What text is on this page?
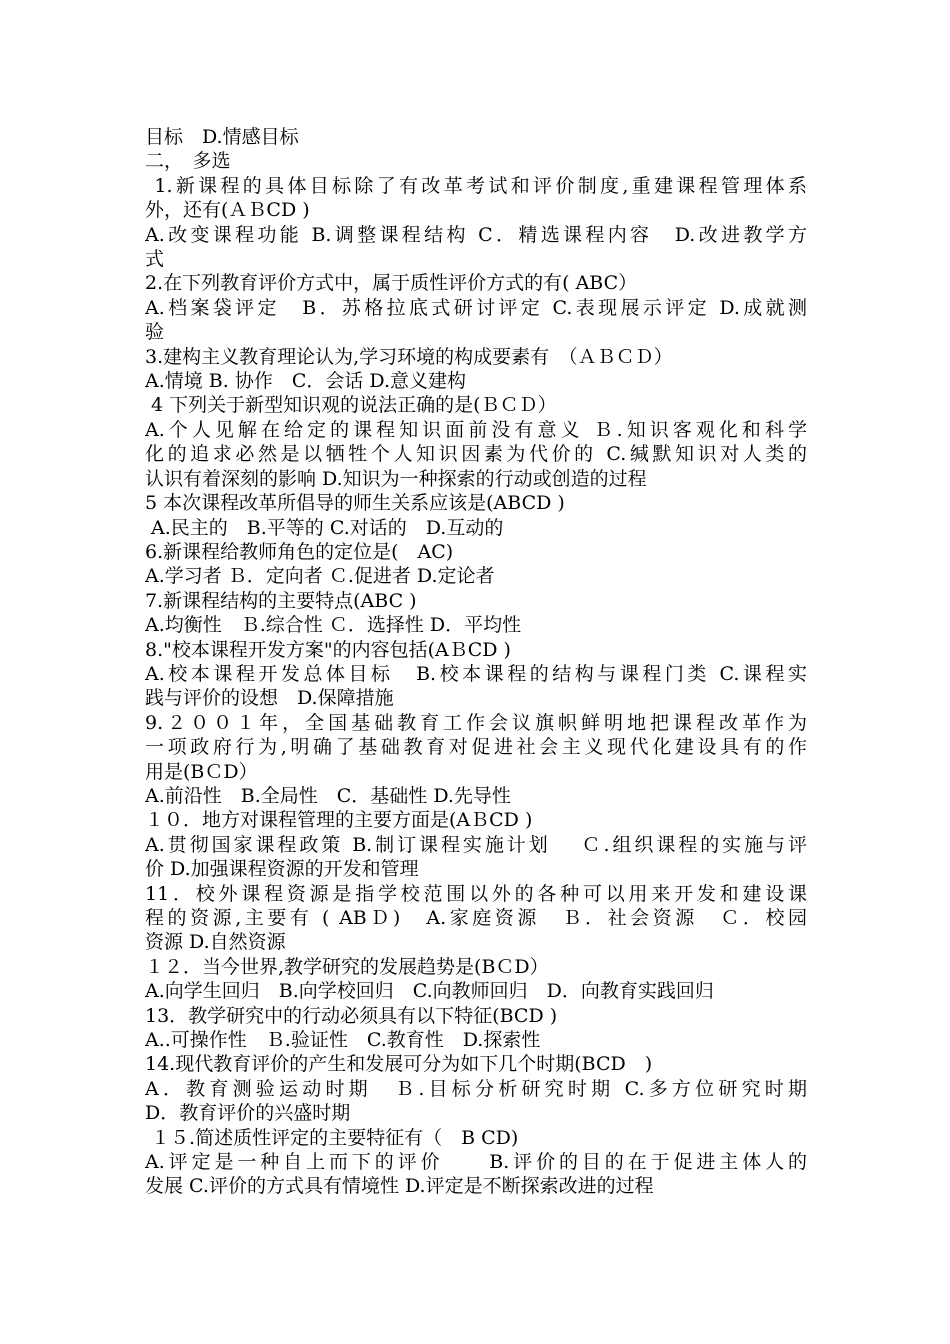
目标　D.情感目标
二，　多选
1.新课程的具体目标除了有改革考试和评价制度,重建课程管理体系
外，还有(ＡＢCD )
A.改变课程功能 B.调整课程结构 C．精选课程内容　D.改进教学方
式
2.在下列教育评价方式中，属于质性评价方式的有( ABC）
A.档案袋评定　B．苏格拉底式研讨评定 C.表现展示评定 D.成就测
验
3.建构主义教育理论认为,学习环境的构成要素有　（ＡＢＣＤ）
A.情境 B. 协作　C．会话 D.意义建构
4 下列关于新型知识观的说法正确的是(ＢＣＤ）
A.个人见解在给定的课程知识面前没有意义 Ｂ.知识客观化和科学
化的追求必然是以牺牲个人知识因素为代价的 C.缄默知识对人类的
认识有着深刻的影响 D.知识为一种探索的行动或创造的过程
5 本次课程改革所倡导的师生关系应该是(ABCD )
A.民主的　B.平等的 C.对话的　D.互动的
6.新课程给教师角色的定位是(　AC)
A.学习者 Ｂ．定向者 Ｃ.促进者 D.定论者
7.新课程结构的主要特点(ABC )
A.均衡性　Ｂ.综合性 Ｃ．选择性 D．平均性
8."校本课程开发方案"的内容包括(AＢCD )
A.校本课程开发总体目标　B.校本课程的结构与课程门类 C.课程实
践与评价的设想　D.保障措施
9.２００１年，全国基础教育工作会议旗帜鲜明地把课程改革作为
一项政府行为,明确了基础教育对促进社会主义现代化建设具有的作
用是(BＣD）
A.前沿性　B.全局性　C．基础性 D.先导性
１０．地方对课程管理的主要方面是(AＢCD )
A.贯彻国家课程政策 B.制订课程实施计划　 Ｃ.组织课程的实施与评
价 D.加强课程资源的开发和管理
11．校外课程资源是指学校范围以外的各种可以用来开发和建设课
程的资源,主要有 ( ABＤ)　A.家庭资源　Ｂ．社会资源　Ｃ．校园
资源 D.自然资源
１２．当今世界,教学研究的发展趋势是(BＣD）
A.向学生回归　B.向学校回归　C.向教师回归　D．向教育实践回归
13．教学研究中的行动必须具有以下特征(BCD )
A..可操作性　Ｂ.验证性　C.教育性　D.探索性
14.现代教育评价的产生和发展可分为如下几个时期(BCD　)
A．教育测验运动时期　Ｂ.目标分析研究时期 C.多方位研究时期
D．教育评价的兴盛时期
１５.简述质性评定的主要特征有（　B CD)
A.评定是一种自上而下的评价　　B.评价的目的在于促进主体人的
发展 C.评价的方式具有情境性 D.评定是不断探索改进的过程
